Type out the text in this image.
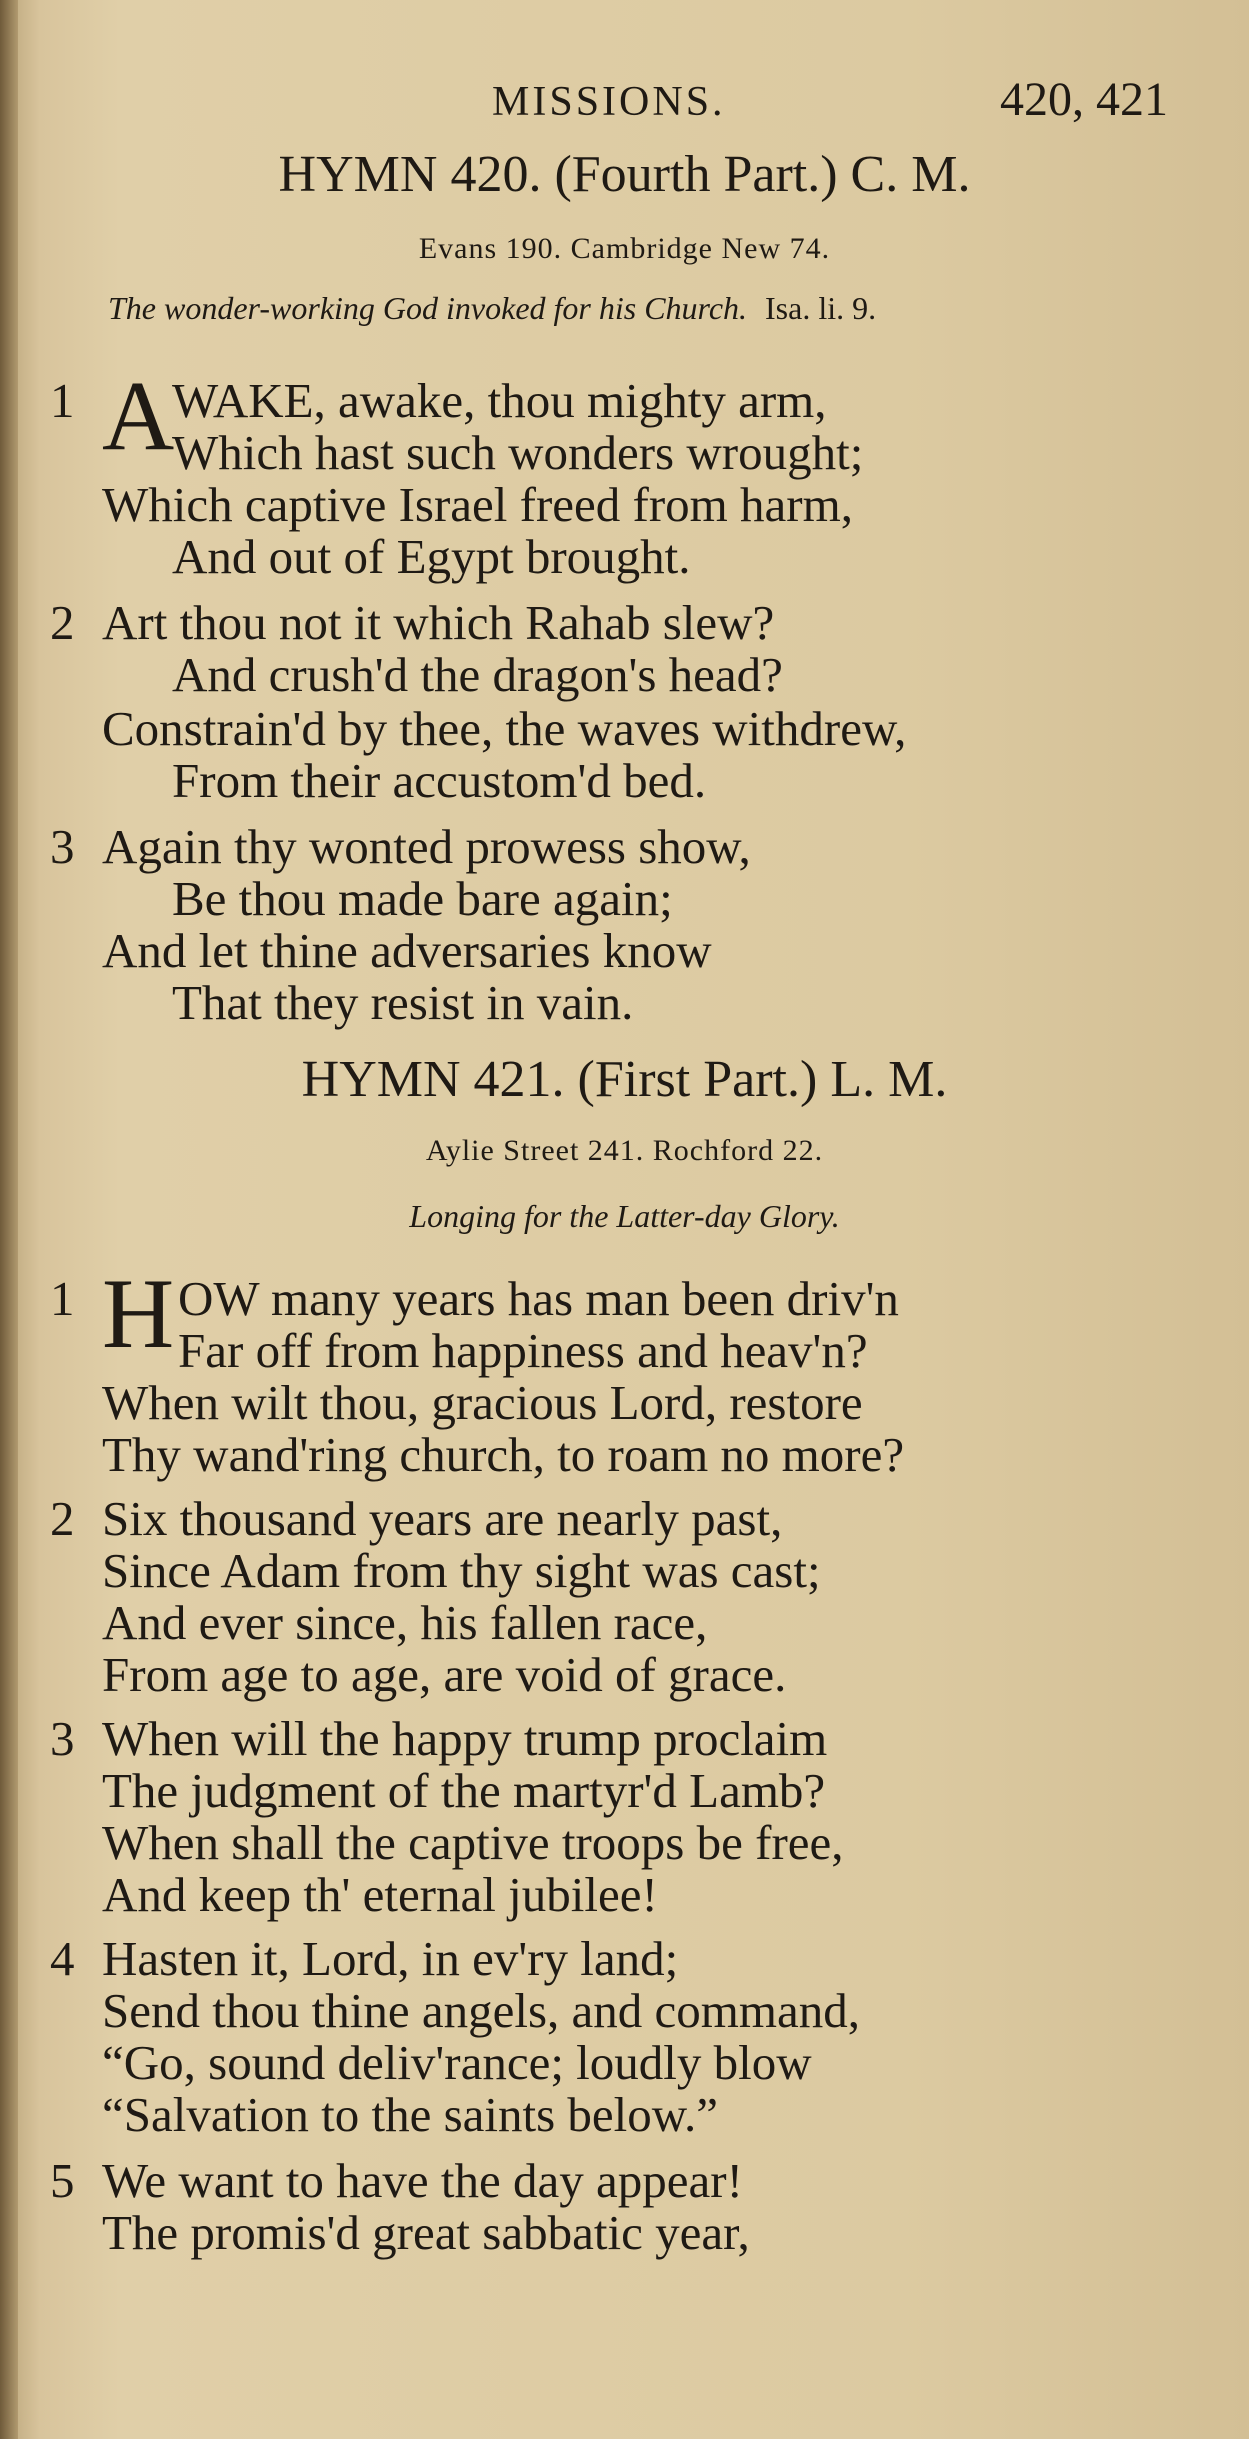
MISSIONS.	420, 421
HYMN 420. (Fourth Part.) C. M.
Evans 190. Cambridge New 74.
The wonder-working God invoked for his Church. Isa. li. 9.
1 A
WAKE, awake, thou mighty arm,
Which hast such wonders wrought;
Which captive Israel freed from harm,
And out of Egypt brought.
2 Art thou not it which Rahab slew?
And crush'd the dragon's head?
Constrain'd by thee, the waves withdrew,
From their accustom'd bed.
3 Again thy wonted prowess show,
Be thou made bare again;
And let thine adversaries know
That they resist in vain.
HYMN 421. (First Part.) L. M.
Aylie Street 241. Rochford 22.
Longing for the Latter-day Glory.
1 H OW many years has man been driv'n
Far off from happiness and heav'n?
When wilt thou, gracious Lord, restore
Thy wand'ring church, to roam no more?
2 Six thousand years are nearly past,
Since Adam from thy sight was cast;
And ever since, his fallen race,
From age to age, are void of grace.
3 When will the happy trump proclaim
The judgment of the martyr'd Lamb?
When shall the captive troops be free,
And keep th' eternal jubilee!
4 Hasten it, Lord, in ev'ry land;
Send thou thine angels, and command,
“Go, sound deliv'rance; loudly blow
“Salvation to the saints below.”
5 We want to have the day appear!
The promis'd great sabbatic year,
